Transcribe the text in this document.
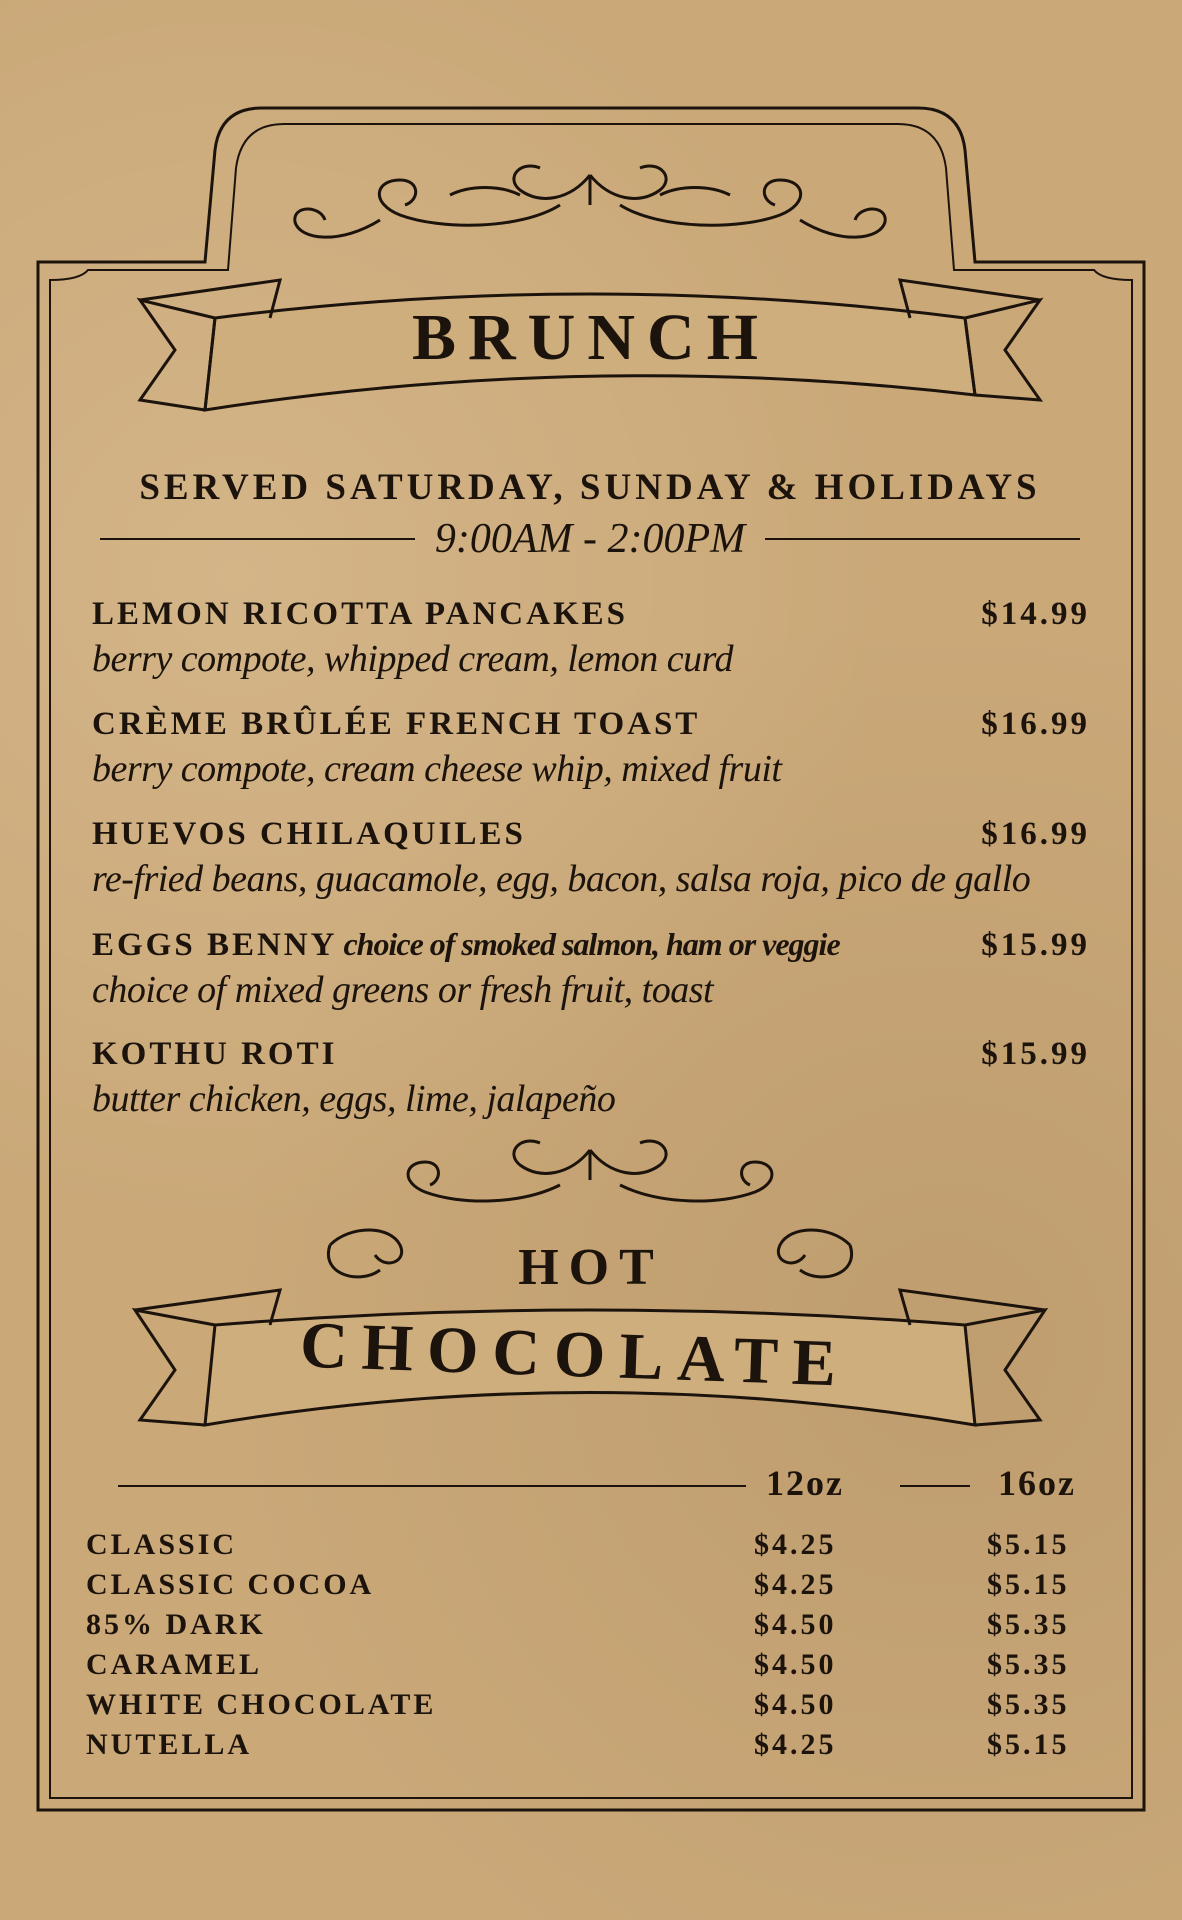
BRUNCH
SERVED SATURDAY, SUNDAY & HOLIDAYS
9:00AM - 2:00PM
LEMON RICOTTA PANCAKES	$14.99
berry compote, whipped cream, lemon curd
CRÈME BRÛLÉE FRENCH TOAST	$16.99
berry compote, cream cheese whip, mixed fruit
HUEVOS CHILAQUILES	$16.99
re-fried beans, guacamole, egg, bacon, salsa roja, pico de gallo
EGGS BENNY choice of smoked salmon, ham or veggie	$15.99
choice of mixed greens or fresh fruit, toast
KOTHU ROTI	$15.99
butter chicken, eggs, lime, jalapeño
HOT
CHOCOLATE
12oz	16oz
CLASSIC	$4.25	$5.15
CLASSIC COCOA	$4.25	$5.15
85% DARK	$4.50	$5.35
CARAMEL	$4.50	$5.35
WHITE CHOCOLATE	$4.50	$5.35
NUTELLA	$4.25	$5.15
